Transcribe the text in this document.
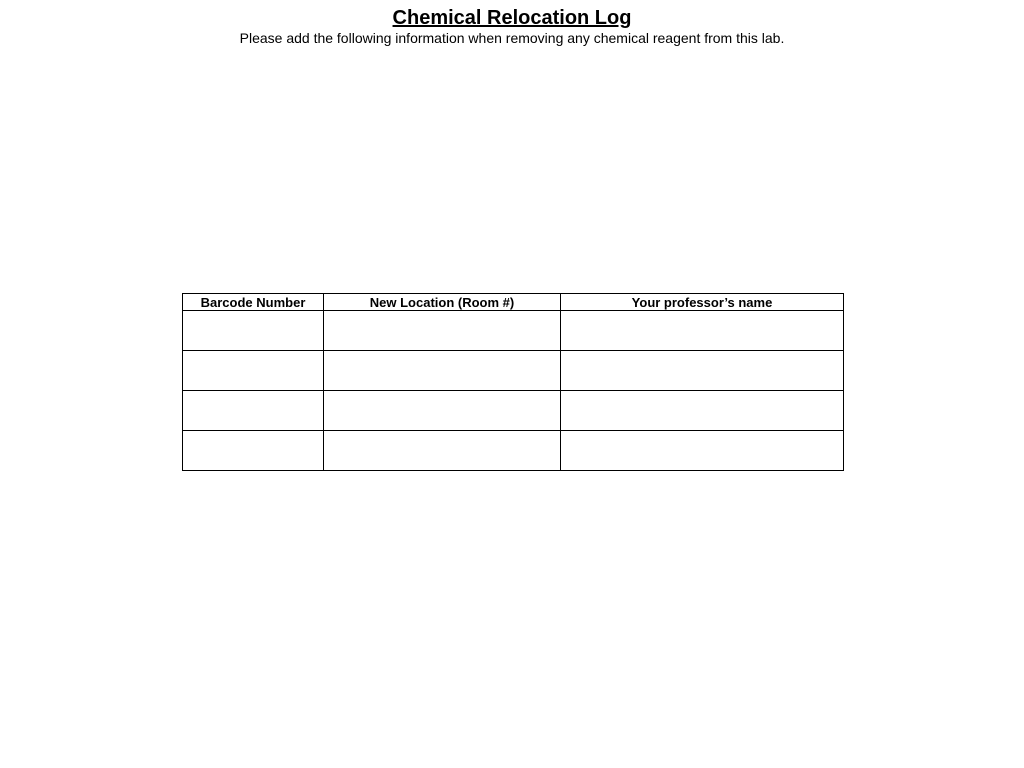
Chemical Relocation Log
Please add the following information when removing any chemical reagent from this lab.
Barcode Number	New Location (Room #)	Your professor’s name
